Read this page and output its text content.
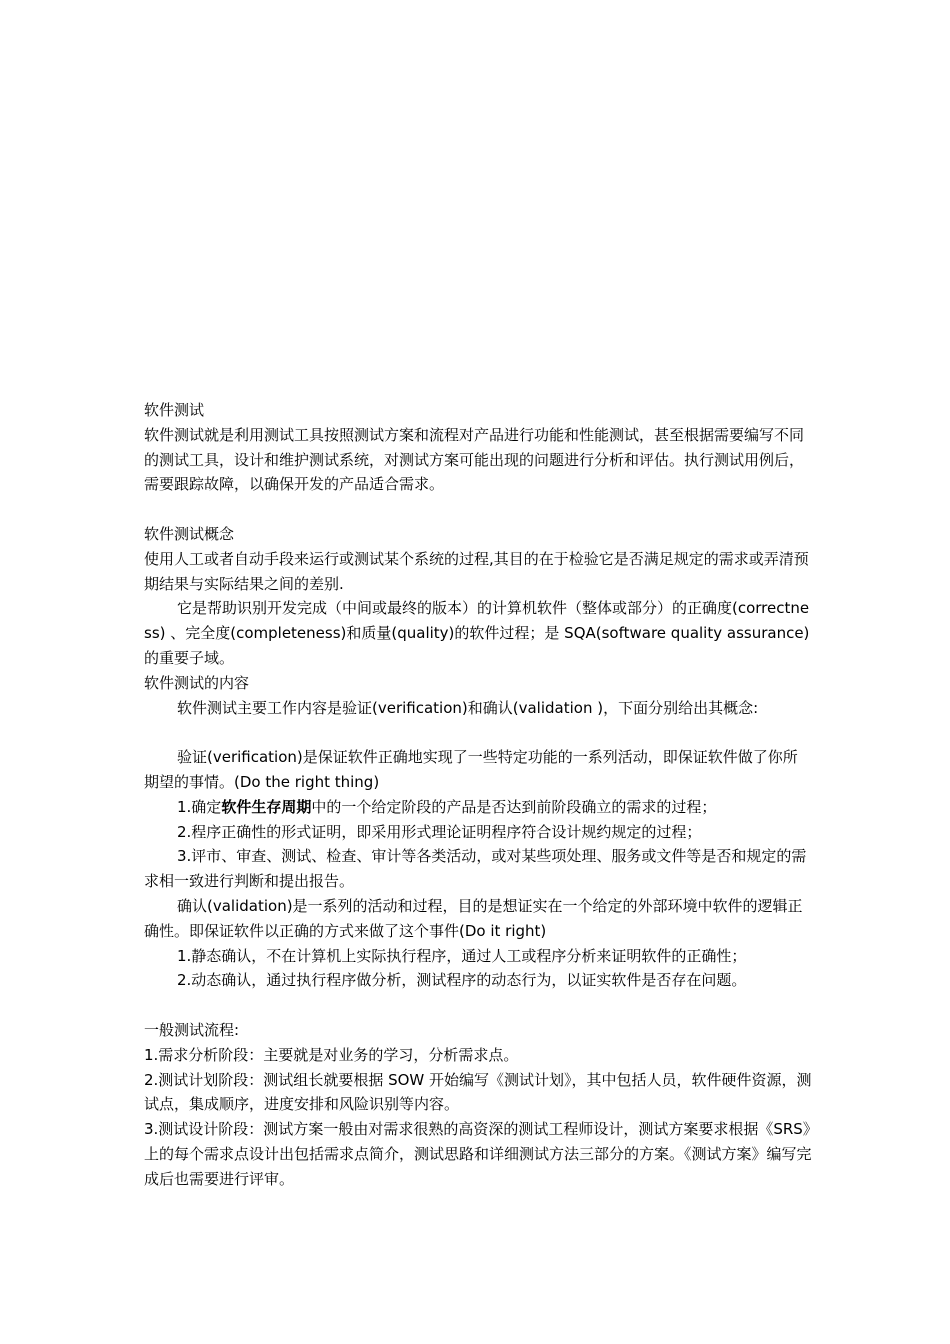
软件测试

软件测试就是利用测试工具按照测试方案和流程对产品进行功能和性能测试，甚至根据需要编写不同的测试工具，设计和维护测试系统，对测试方案可能出现的问题进行分析和评估。执行测试用例后，需要跟踪故障，以确保开发的产品适合需求。

软件测试概念

使用人工或者自动手段来运行或测试某个系统的过程,其目的在于检验它是否满足规定的需求或弄清预期结果与实际结果之间的差别.

它是帮助识别开发完成（中间或最终的版本）的计算机软件（整体或部分）的正确度(correctness) 、完全度(completeness)和质量(quality)的软件过程；是 SQA(software quality assurance)的重要子域。

软件测试的内容

软件测试主要工作内容是验证(verification)和确认(validation )，下面分别给出其概念:

验证(verification)是保证软件正确地实现了一些特定功能的一系列活动，即保证软件做了你所期望的事情。(Do the right thing)

1.确定软件生存周期中的一个给定阶段的产品是否达到前阶段确立的需求的过程；

2.程序正确性的形式证明，即采用形式理论证明程序符合设计规约规定的过程；

3.评市、审查、测试、检查、审计等各类活动，或对某些项处理、服务或文件等是否和规定的需求相一致进行判断和提出报告。

确认(validation)是一系列的活动和过程，目的是想证实在一个给定的外部环境中软件的逻辑正确性。即保证软件以正确的方式来做了这个事件(Do it right)

1.静态确认，不在计算机上实际执行程序，通过人工或程序分析来证明软件的正确性；

2.动态确认，通过执行程序做分析，测试程序的动态行为，以证实软件是否存在问题。

一般测试流程:

1.需求分析阶段：主要就是对业务的学习，分析需求点。

2.测试计划阶段：测试组长就要根据 SOW 开始编写《测试计划》，其中包括人员，软件硬件资源，测试点，集成顺序，进度安排和风险识别等内容。

3.测试设计阶段：测试方案一般由对需求很熟的高资深的测试工程师设计，测试方案要求根据《SRS》上的每个需求点设计出包括需求点简介，测试思路和详细测试方法三部分的方案。《测试方案》编写完成后也需要进行评审。
